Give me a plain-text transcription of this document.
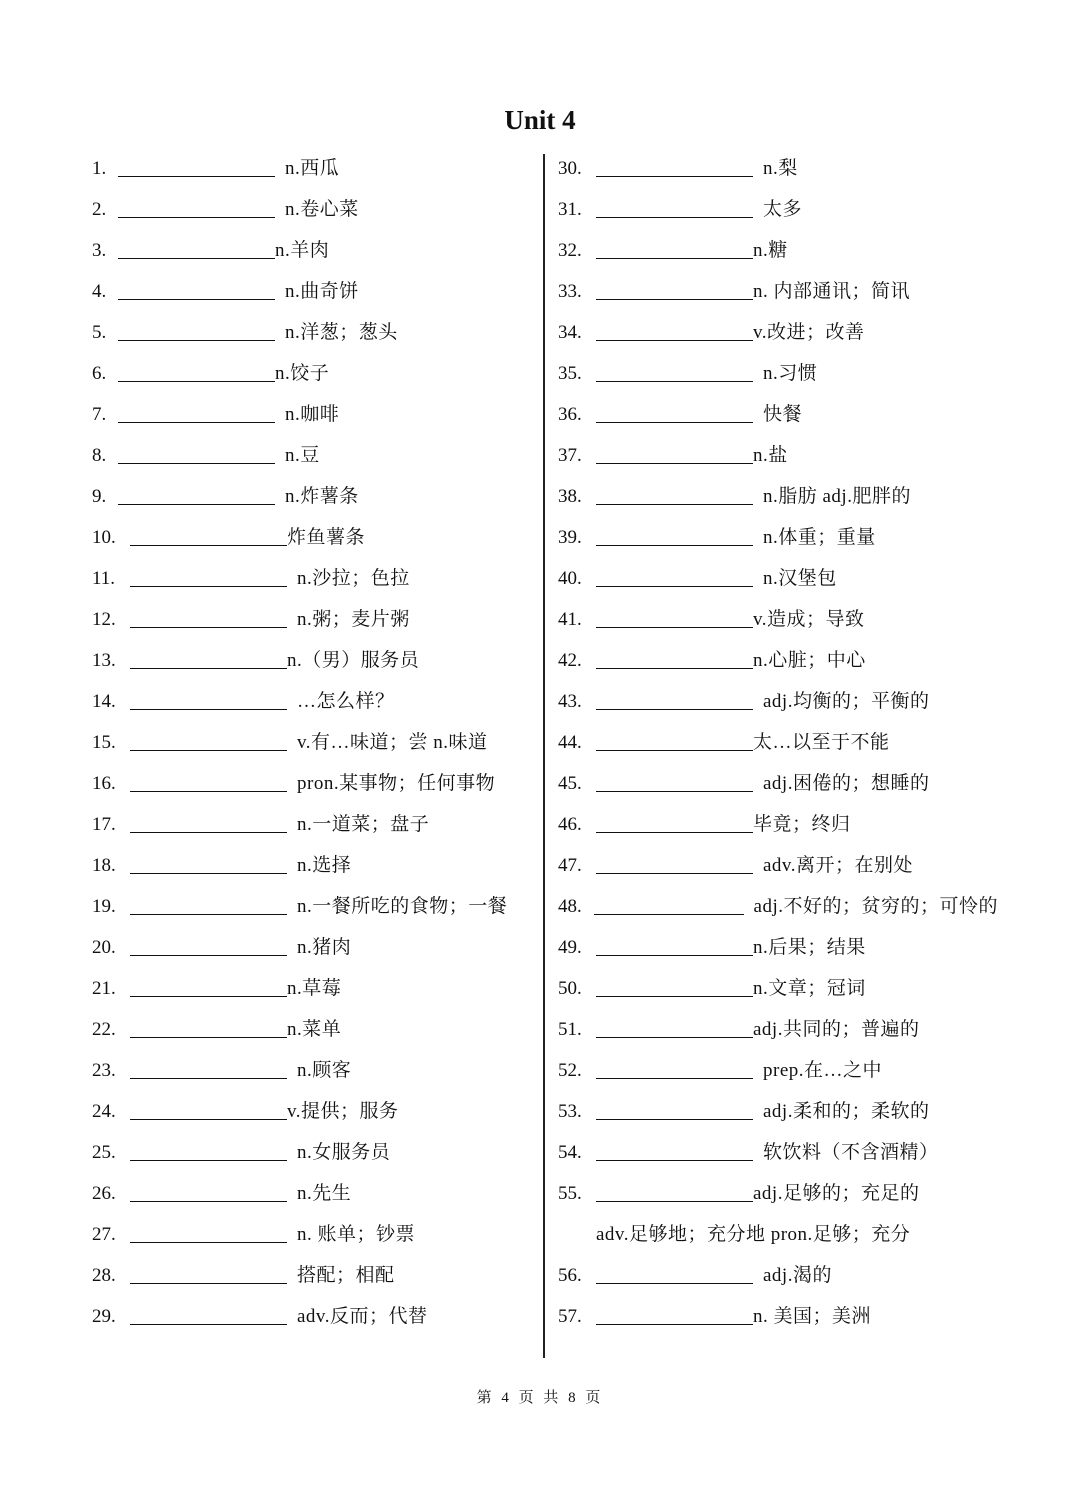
Unit 4
1.	n.西瓜
2.	n.卷心菜
3.	n.羊肉
4.	n.曲奇饼
5.	n.洋葱；葱头
6.	n.饺子
7.	n.咖啡
8.	n.豆
9.	n.炸薯条
10.	炸鱼薯条
11.	n.沙拉；色拉
12.	n.粥；麦片粥
13.	n.（男）服务员
14.	…怎么样？
15.	v.有…味道；尝 n.味道
16.	pron.某事物；任何事物
17.	n.一道菜；盘子
18.	n.选择
19.	n.一餐所吃的食物；一餐
20.	n.猪肉
21.	n.草莓
22.	n.菜单
23.	n.顾客
24.	v.提供；服务
25.	n.女服务员
26.	n.先生
27.	n. 账单；钞票
28.	搭配；相配
29.	adv.反而；代替
30.	n.梨
31.	太多
32.	n.糖
33.	n. 内部通讯；简讯
34.	v.改进；改善
35.	n.习惯
36.	快餐
37.	n.盐
38.	n.脂肪 adj.肥胖的
39.	n.体重；重量
40.	n.汉堡包
41.	v.造成；导致
42.	n.心脏；中心
43.	adj.均衡的；平衡的
44.	太…以至于不能
45.	adj.困倦的；想睡的
46.	毕竟；终归
47.	adv.离开；在别处
48.	adj.不好的；贫穷的；可怜的
49.	n.后果；结果
50.	n.文章；冠词
51.	adj.共同的；普遍的
52.	prep.在…之中
53.	adj.柔和的；柔软的
54.	软饮料（不含酒精）
55.	adj.足够的；充足的
adv.足够地；充分地 pron.足够；充分
56.	adj.渴的
57.	n. 美国；美洲
第 4 页 共 8 页
